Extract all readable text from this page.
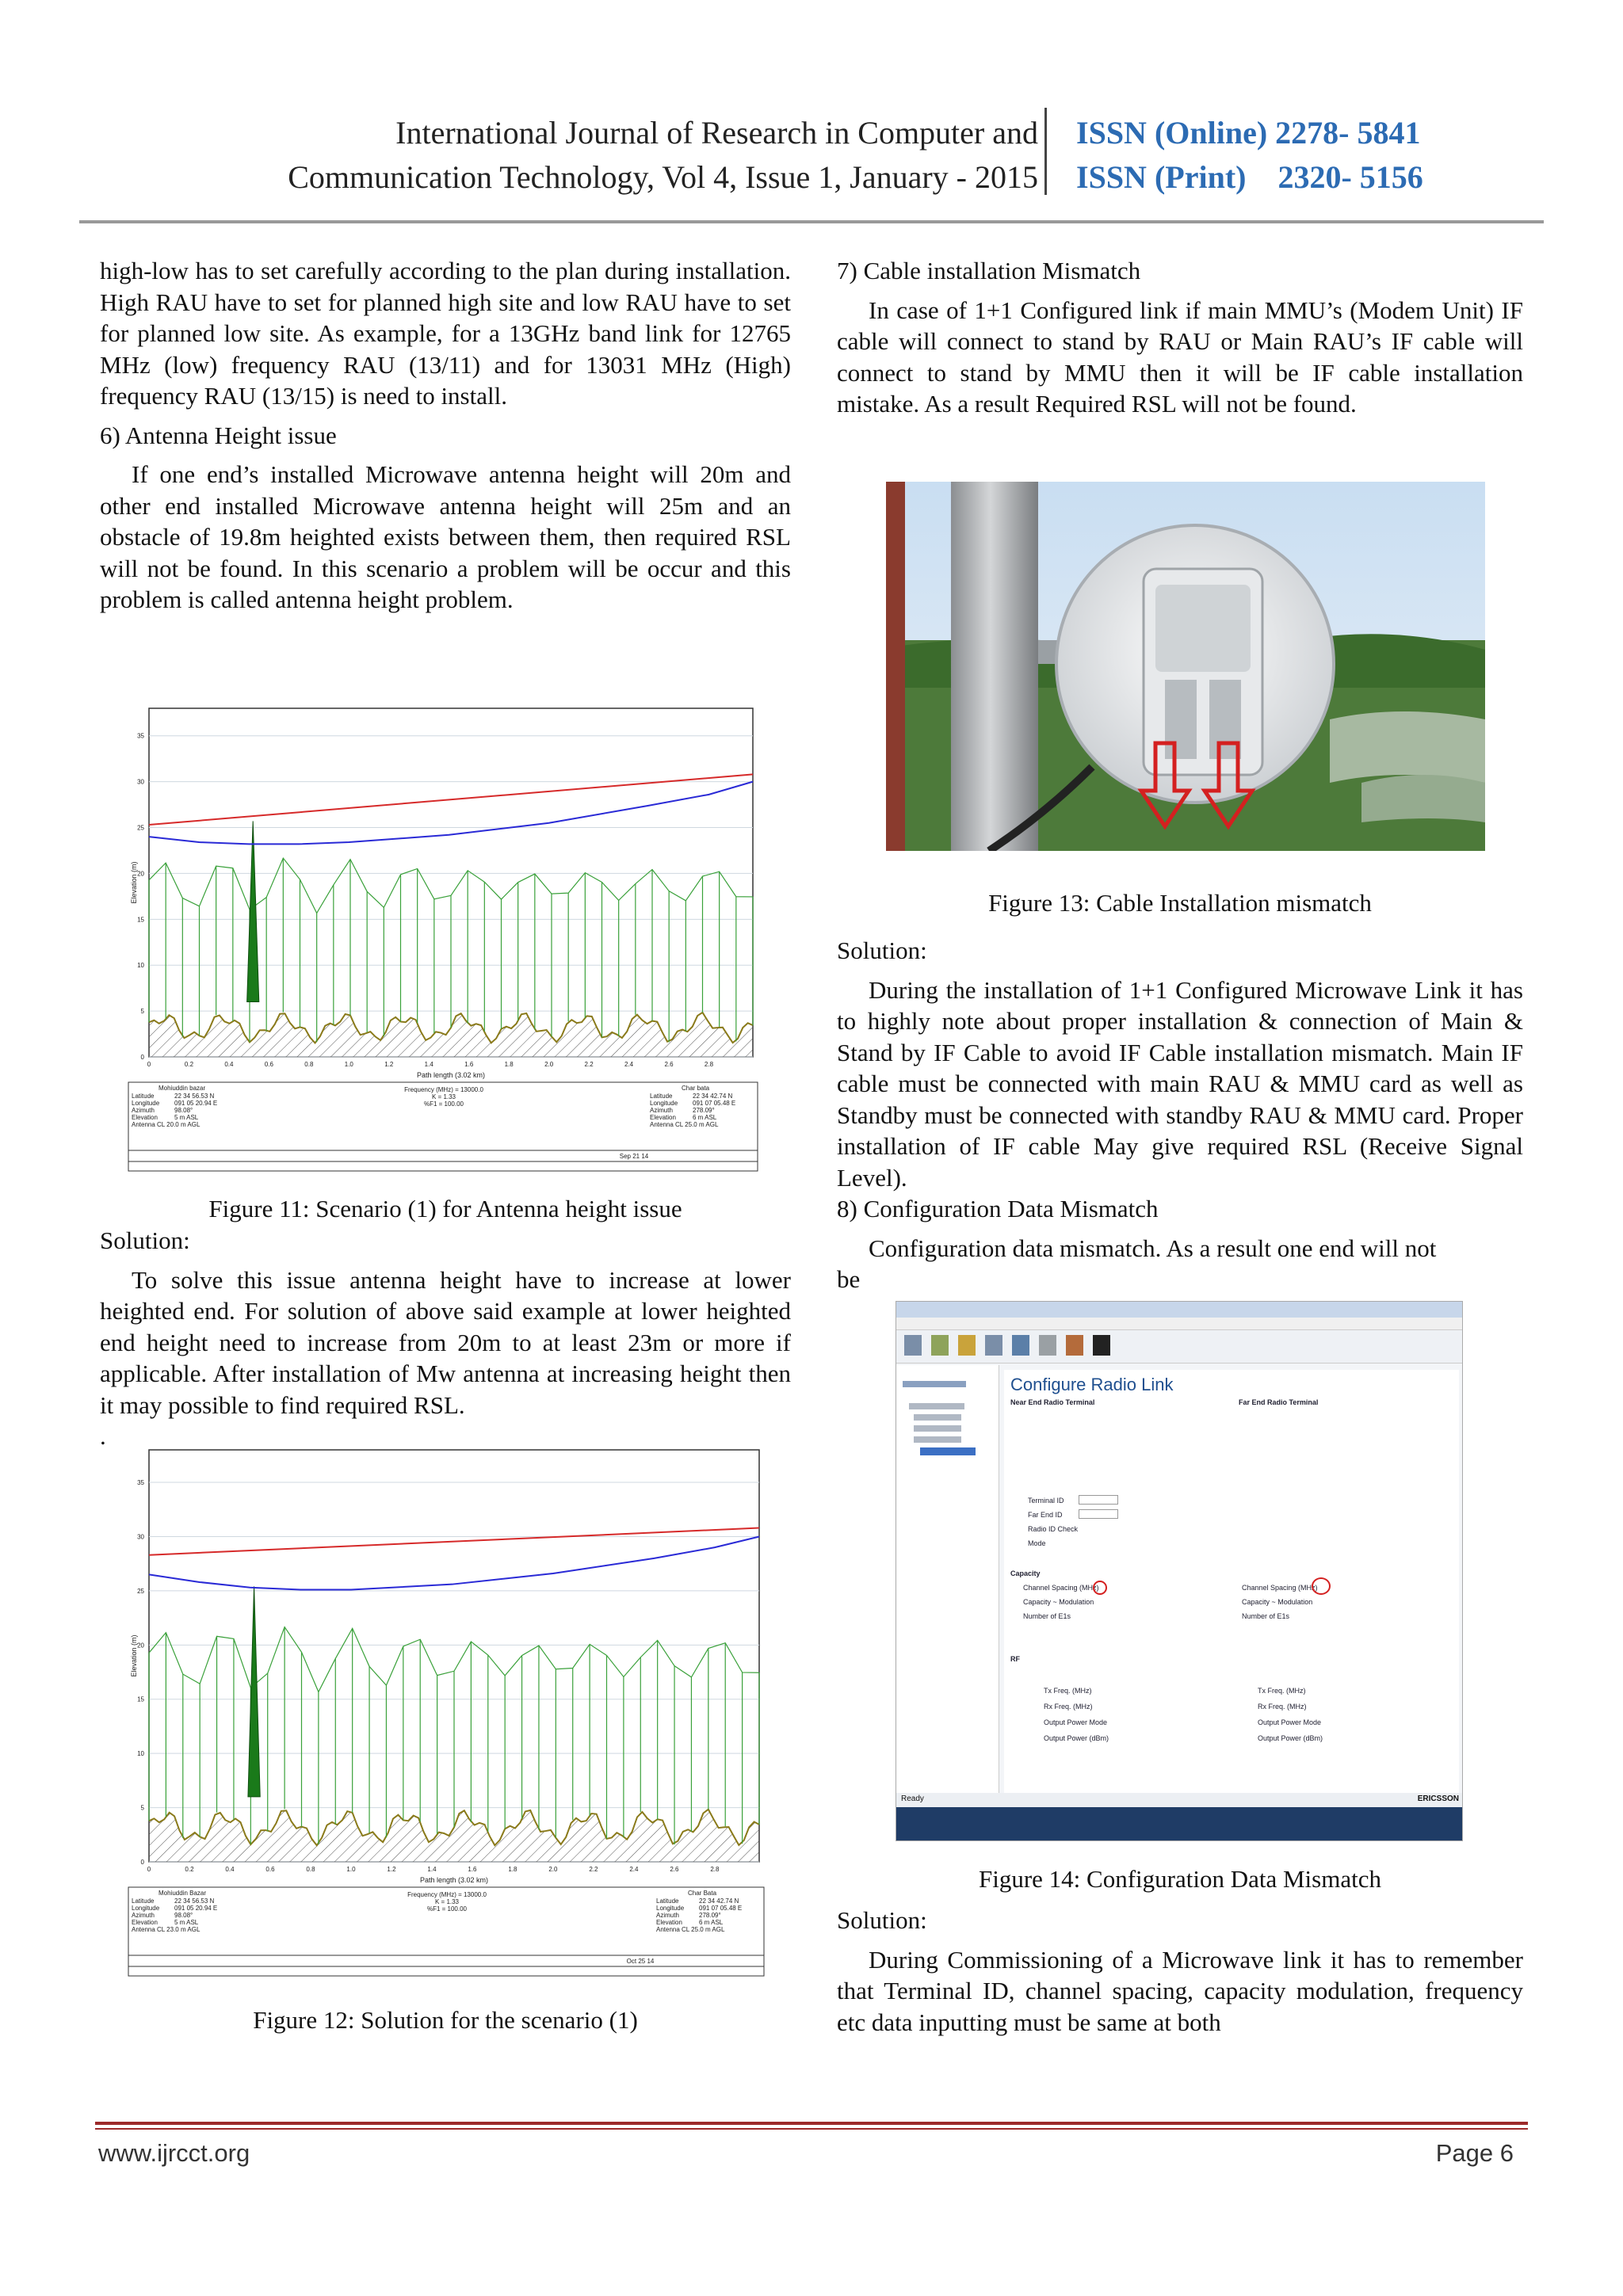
International Journal of Research in Computer and
Communication Technology, Vol 4, Issue 1, January - 2015
ISSN (Online) 2278- 5841
ISSN (Print)    2320- 5156

high-low has to set carefully according to the plan during installation. High RAU have to set for planned high site and low RAU have to set for planned low site. As example, for a 13GHz band link for 12765 MHz (low) frequency RAU (13/11) and for 13031 MHz (High) frequency RAU (13/15) is need to install.

6) Antenna Height issue

If one end’s installed Microwave antenna height will 20m and other end installed Microwave antenna height will 25m and an obstacle of 19.8m heighted exists between them, then required RSL will not be found. In this scenario a problem will be occur and this problem is called antenna height problem.

0
5
10
15
20
25
30
35
0	0.2	0.4	0.6	0.8	1.0	1.2	1.4	1.6	1.8	2.0	2.2	2.4	2.6	2.8
Path length (3.02 km)
Elevation (m)
Mohiuddin bazar
Latitude	22 34 56.53 N
Longitude 091 05 20.94 E
Azimuth	98.08°
Elevation	5 m ASL
Antenna CL 20.0 m AGL
Frequency (MHz) = 13000.0
K = 1.33
%F1 = 100.00
Char bata
Latitude	22 34 42.74 N
Longitude 091 07 05.48 E
Azimuth	278.09°
Elevation	6 m ASL
Antenna CL 25.0 m AGL
Sep 21 14
Figure 11: Scenario (1) for Antenna height issue

Solution:

To solve this issue antenna height have to increase at lower heighted end. For solution of above said example at lower heighted end height need to increase from 20m to at least 23m or more if applicable. After installation of Mw antenna at increasing height then it may possible to find required RSL.

.

0
5
10
15
20
25
30
35
0	0.2	0.4	0.6	0.8	1.0	1.2	1.4	1.6	1.8	2.0	2.2	2.4	2.6	2.8
Path length (3.02 km)
Elevation (m)
Mohiuddin Bazar
Latitude	22 34 56.53 N
Longitude 091 05 20.94 E
Azimuth	98.08°
Elevation	5 m ASL
Antenna CL 23.0 m AGL
Frequency (MHz) = 13000.0
K = 1.33
%F1 = 100.00
Char Bata
Latitude	22 34 42.74 N
Longitude 091 07 05.48 E
Azimuth	278.09°
Elevation	6 m ASL
Antenna CL 25.0 m AGL
Oct 25 14
Figure 12: Solution for the scenario (1)

7) Cable installation Mismatch

In case of 1+1 Configured link if main MMU’s (Modem Unit) IF cable will connect to stand by RAU or Main RAU’s IF cable will connect to stand by MMU then it will be IF cable installation mistake. As a result Required RSL will not be found.

Figure 13: Cable Installation mismatch

Solution:

During the installation of 1+1 Configured Microwave Link it has to highly note about proper installation & connection of Main & Stand by IF Cable to avoid IF Cable installation mismatch. Main IF cable must be connected with main RAU & MMU card as well as Standby must be connected with standby RAU & MMU card. Proper installation of IF cable May give required RSL (Receive Signal Level).

8) Configuration Data Mismatch

Configuration data mismatch. As a result one end will not

be

Configure Radio Link
Near End Radio Terminal	Far End Radio Terminal
Terminal ID
Far End ID
Radio ID Check
Mode
Capacity
Channel Spacing (MHz)
Capacity ~ Modulation
Number of E1s
RF
Tx Freq. (MHz)
Rx Freq. (MHz)
Output Power Mode
Output Power (dBm)
Channel Spacing (MHz)
Capacity ~ Modulation
Number of E1s
Tx Freq. (MHz)
Rx Freq. (MHz)
Output Power Mode
Output Power (dBm)
Ready	ERICSSON
Figure 14: Configuration Data Mismatch

Solution:

During Commissioning of a Microwave link it has to remember that Terminal ID, channel spacing, capacity modulation, frequency etc data inputting must be same at both

www.ijrcct.org	Page 6
